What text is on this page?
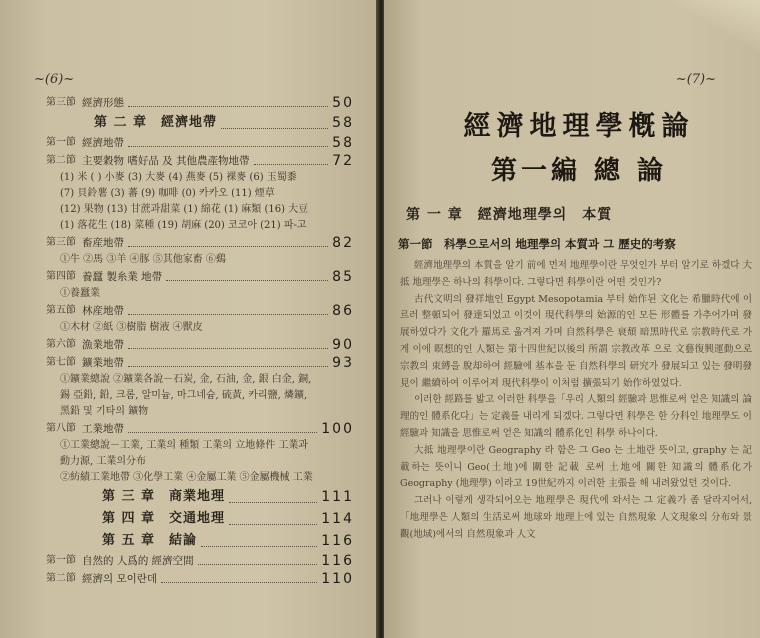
~(6)~
第三節 經濟形態	50
第 二 章　經濟地帶	58
第一節 經濟地帶	58
第二節 主要穀物 嗜好品 及 其他農產物地帶	72
(1) 米 ( ) 小麥 (3) 大麥 (4) 燕麥 (5) 裸麥 (6) 玉蜀黍
(7) 貝鈴薯 (3) 蕃 (9) 咖啡 (0) 카카오 (11) 煙草
(12) 果物 (13) 甘蔗과甜菜 (1) 綿花 (1) 麻類 (16) 大豆
(1) 落花生 (18) 菜種 (19) 胡麻 (20) 코코아 (21) 파-고
第三節 畜産地帶	82
①牛 ②馬 ③羊 ④豚 ⑤其他家畜 ⑥鷄
第四節 養蠶 製糸業 地帶	85
①養蠶業
第五節 林産地帶	86
①木材 ②紙 ③樹脂 樹液 ④獸皮
第六節 漁業地帶	90
第七節 鑛業地帶	93
①鑛業總說 ②鑛業各說－石炭, 金, 石油, 金, 銀 白金, 銅,
錫 亞鉛, 鉛, 크롬, 알미늄, 마그네슘, 硫黃, 카리鹽, 燐鑛,
黑鉛 및 기타의 鑛物
第八節 工業地帶	100
①工業總說－工業, 工業의 種類 工業의 立地條件 工業과
動力源, 工業의分布
②紡績工業地帶 ③化學工業 ④金屬工業 ⑤金屬機械 工業
第 三 章　商業地理	111
第 四 章　交通地理	114
第 五 章　結論	116
第一節 自然的 人爲的 經濟空間	116
第二節 經濟의 모이란데	110
~(7)~
經濟地理學槪論
第一編 總 論
第 一 章　經濟地理學의　本質
第一節　科學으로서의 地理學의 本質과 그 歷史的考察

經濟地理學의 本質을 알기 前에 먼저 地理學이란 무엇인가 부터 알기로 하겠다 大抵 地理學은 하나의 科學이다. 그렇다면 科學이란 어떤 것인가?

古代文明의 發祥地인 Egypt Mesopotamia 부터 始作된 文化는 希臘時代에 이르러 整頓되어 發達되었고 이것이 現代科學의 始源的인 모든 形體를 가추어가며 發展하였다가 文化가 羅馬로 옮겨져 가며 自然科學은 衰頹 暗黑時代로 宗教時代로 가게 이에 瞑想的인 人類는 第十四世紀以後의 所謂 宗教改革 으로 文藝復興運動으로 宗教의 束縛을 脫却하여 經驗에 基本을 둔 自然科學의 研究가 發展되고 있는 發明發見이 繼續하여 이루어져 現代科學이 이처럼 擴張되기 始作하였었다.

이러한 經路를 밟고 이러한 科學을「우리 人類의 經驗과 思惟로써 얻은 知識의 論理的인 體系化다」는 定義를 내리게 되겠다. 그렇다면 科學은 한 分科인 地理學도 이 經驗과 知識을 思惟로써 얻은 知識의 體系化인 科學 하나이다.

大抵 地理學이란 Geography 라 함은 그 Geo 는 土地란 뜻이고, graphy 는 記載하는 뜻이니 Geo(土地)에 關한 記載 로써 土地에 關한 知識의 體系化가 Geography (地理學) 이라고 19世紀까지 이러한 主張을 해 내려왔었던 것이다.

그러나 이렇게 생각되어오는 地理學은 現代에 와서는 그 定義가 좀 달라지어서,「地理學은 人類의 生活로써 地球와 地理上에 있는 自然現象 人文現象의 分布와 景觀(地域)에서의 自然現象과 人文
